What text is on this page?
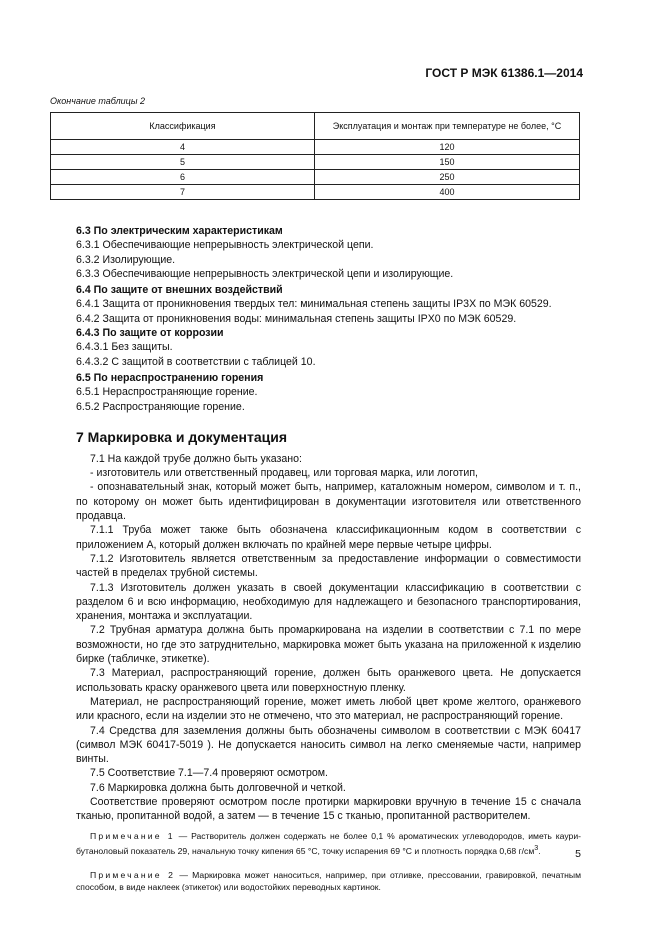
ГОСТ Р МЭК 61386.1—2014
Окончание таблицы 2
Классификация	Эксплуатация и монтаж при температуре не более, °С
4	120
5	150
6	250
7	400

6.3 По электрическим характеристикам

6.3.1 Обеспечивающие непрерывность электрической цепи.

6.3.2 Изолирующие.

6.3.3 Обеспечивающие непрерывность электрической цепи и изолирующие.

6.4 По защите от внешних воздействий

6.4.1 Защита от проникновения твердых тел: минимальная степень защиты IP3X по МЭК 60529.

6.4.2 Защита от проникновения воды: минимальная степень защиты IPX0 по МЭК 60529.

6.4.3 По защите от коррозии

6.4.3.1 Без защиты.

6.4.3.2 С защитой в соответствии с таблицей 10.

6.5 По нераспространению горения

6.5.1 Нераспространяющие горение.

6.5.2 Распространяющие горение.

7 Маркировка и документация

7.1 На каждой трубе должно быть указано:

- изготовитель или ответственный продавец, или торговая марка, или логотип,

- опознавательный знак, который может быть, например, каталожным номером, символом и т. п., по которому он может быть идентифицирован в документации изготовителя или ответственного продавца.

7.1.1 Труба может также быть обозначена классификационным кодом в соответствии с приложением А, который должен включать по крайней мере первые четыре цифры.

7.1.2 Изготовитель является ответственным за предоставление информации о совместимости частей в пределах трубной системы.

7.1.3 Изготовитель должен указать в своей документации классификацию в соответствии с разделом 6 и всю информацию, необходимую для надлежащего и безопасного транспортирования, хранения, монтажа и эксплуатации.

7.2 Трубная арматура должна быть промаркирована на изделии в соответствии с 7.1 по мере возможности, но где это затруднительно, маркировка может быть указана на приложенной к изделию бирке (табличке, этикетке).

7.3 Материал, распространяющий горение, должен быть оранжевого цвета. Не допускается использовать краску оранжевого цвета или поверхностную пленку.

Материал, не распространяющий горение, может иметь любой цвет кроме желтого, оранжевого или красного, если на изделии это не отмечено, что это материал, не распространяющий горение.

7.4 Средства для заземления должны быть обозначены символом в соответствии с МЭК 60417 (символ МЭК 60417-5019 ). Не допускается наносить символ на легко сменяемые части, например винты.

7.5 Соответствие 7.1—7.4 проверяют осмотром.

7.6 Маркировка должна быть долговечной и четкой.

Соответствие проверяют осмотром после протирки маркировки вручную в течение 15 с сначала тканью, пропитанной водой, а затем — в течение 15 с тканью, пропитанной растворителем.

Примечание 1 — Растворитель должен содержать не более 0,1 % ароматических углеводородов, иметь каури-бутаноловый показатель 29, начальную точку кипения 65 °С, точку испарения 69 °С и плотность порядка 0,68 $г/см^3$.

Примечание 2 — Маркировка может наноситься, например, при отливке, прессовании, гравировкой, печатным способом, в виде наклеек (этикеток) или водостойких переводных картинок.

5
